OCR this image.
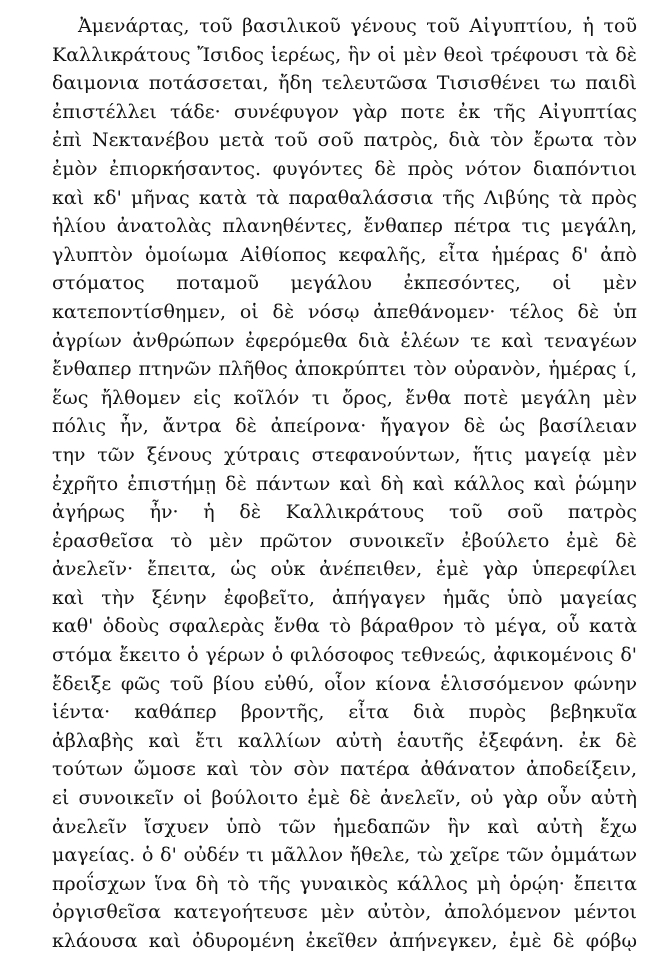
Ἀμενάρτας, τοῦ βασιλικοῦ γένους τοῦ Αἰγυπτίου, ἡ τοῦ
Καλλικράτους Ἴσιδος ἱερέως, ἣν οἱ μὲν θεοὶ τρέφουσι τὰ δὲ
δαιμονια ποτάσσεται, ἤδη τελευτῶσα Τισισθένει τω παιδὶ
ἐπιστέλλει τάδε· συνέφυγον γὰρ ποτε ἐκ τῆς Αἰγυπτίας
ἐπὶ Νεκτανέβου μετὰ τοῦ σοῦ πατρὸς, διὰ τὸν ἔρωτα τὸν
ἐμὸν ἐπιορκήσαντος. φυγόντες δὲ πρὸς νότον διαπόντιοι
καὶ κδ' μῆνας κατὰ τὰ παραθαλάσσια τῆς Λιβύης τὰ πρὸς
ἡλίου ἀνατολὰς πλανηθέντες, ἔνθαπερ πέτρα τις μεγάλη,
γλυπτὸν ὁμοίωμα Αἰθίοπος κεφαλῆς, εἶτα ἡμέρας δ' ἀπὸ
στόματος ποταμοῦ μεγάλου ἐκπεσόντες, οἱ μὲν
κατεποντίσθημεν, οἱ δὲ νόσῳ ἀπεθάνομεν· τέλος δὲ ὑπ
ἀγρίων ἀνθρώπων ἐφερόμεθα διὰ ἑλέων τε καὶ τεναγέων
ἔνθαπερ πτηνῶν πλῆθος ἀποκρύπτει τὸν οὐρανὸν, ἡμέρας ί,
ἕως ἤλθομεν εἰς κοῖλόν τι ὄρος, ἔνθα ποτὲ μεγάλη μὲν
πόλις ἦν, ἄντρα δὲ ἀπείρονα· ἤγαγον δὲ ὡς βασίλειαν
την τῶν ξένους χύτραις στεφανούντων, ἥτις μαγείᾳ μὲν
ἐχρῆτο ἐπιστήμῃ δὲ πάντων καὶ δὴ καὶ κάλλος καὶ ῥώμην
ἀγήρως ἦν· ἡ δὲ Καλλικράτους τοῦ σοῦ πατρὸς
ἐρασθεῖσα τὸ μὲν πρῶτον συνοικεῖν ἐβούλετο ἐμὲ δὲ
ἀνελεῖν· ἔπειτα, ὡς οὐκ ἀνέπειθεν, ἐμὲ γὰρ ὑπερεφίλει
καὶ τὴν ξένην ἐφοβεῖτο, ἀπήγαγεν ἡμᾶς ὑπὸ μαγείας
καθ' ὁδοὺς σφαλερὰς ἔνθα τὸ βάραθρον τὸ μέγα, οὗ κατὰ
στόμα ἔκειτο ὁ γέρων ὁ φιλόσοφος τεθνεώς, ἀφικομένοις δ'
ἔδειξε φῶς τοῦ βίου εὐθύ, οἷον κίονα ἑλισσόμενον φώνην
ἱέντα· καθάπερ βροντῆς, εἶτα διὰ πυρὸς βεβηκυῖα
ἀβλαβὴς καὶ ἔτι καλλίων αὐτὴ ἑαυτῆς ἐξεφάνη. ἐκ δὲ
τούτων ὤμοσε καὶ τὸν σὸν πατέρα ἀθάνατον ἀποδείξειν,
εἰ συνοικεῖν οἱ βούλοιτο ἐμὲ δὲ ἀνελεῖν, οὐ γὰρ οὖν αὐτὴ
ἀνελεῖν ἴσχυεν ὑπὸ τῶν ἡμεδαπῶν ἣν καὶ αὐτὴ ἔχω
μαγείας. ὁ δ' οὐδέν τι μᾶλλον ἤθελε, τὼ χεῖρε τῶν ὀμμάτων
προΐσχων ἵνα δὴ τὸ τῆς γυναικὸς κάλλος μὴ ὁρῴη· ἔπειτα
ὀργισθεῖσα κατεγοήτευσε μὲν αὐτὸν, ἀπολόμενον μέντοι
κλάουσα καὶ ὀδυρομένη ἐκεῖθεν ἀπήνεγκεν, ἐμὲ δὲ φόβῳ
